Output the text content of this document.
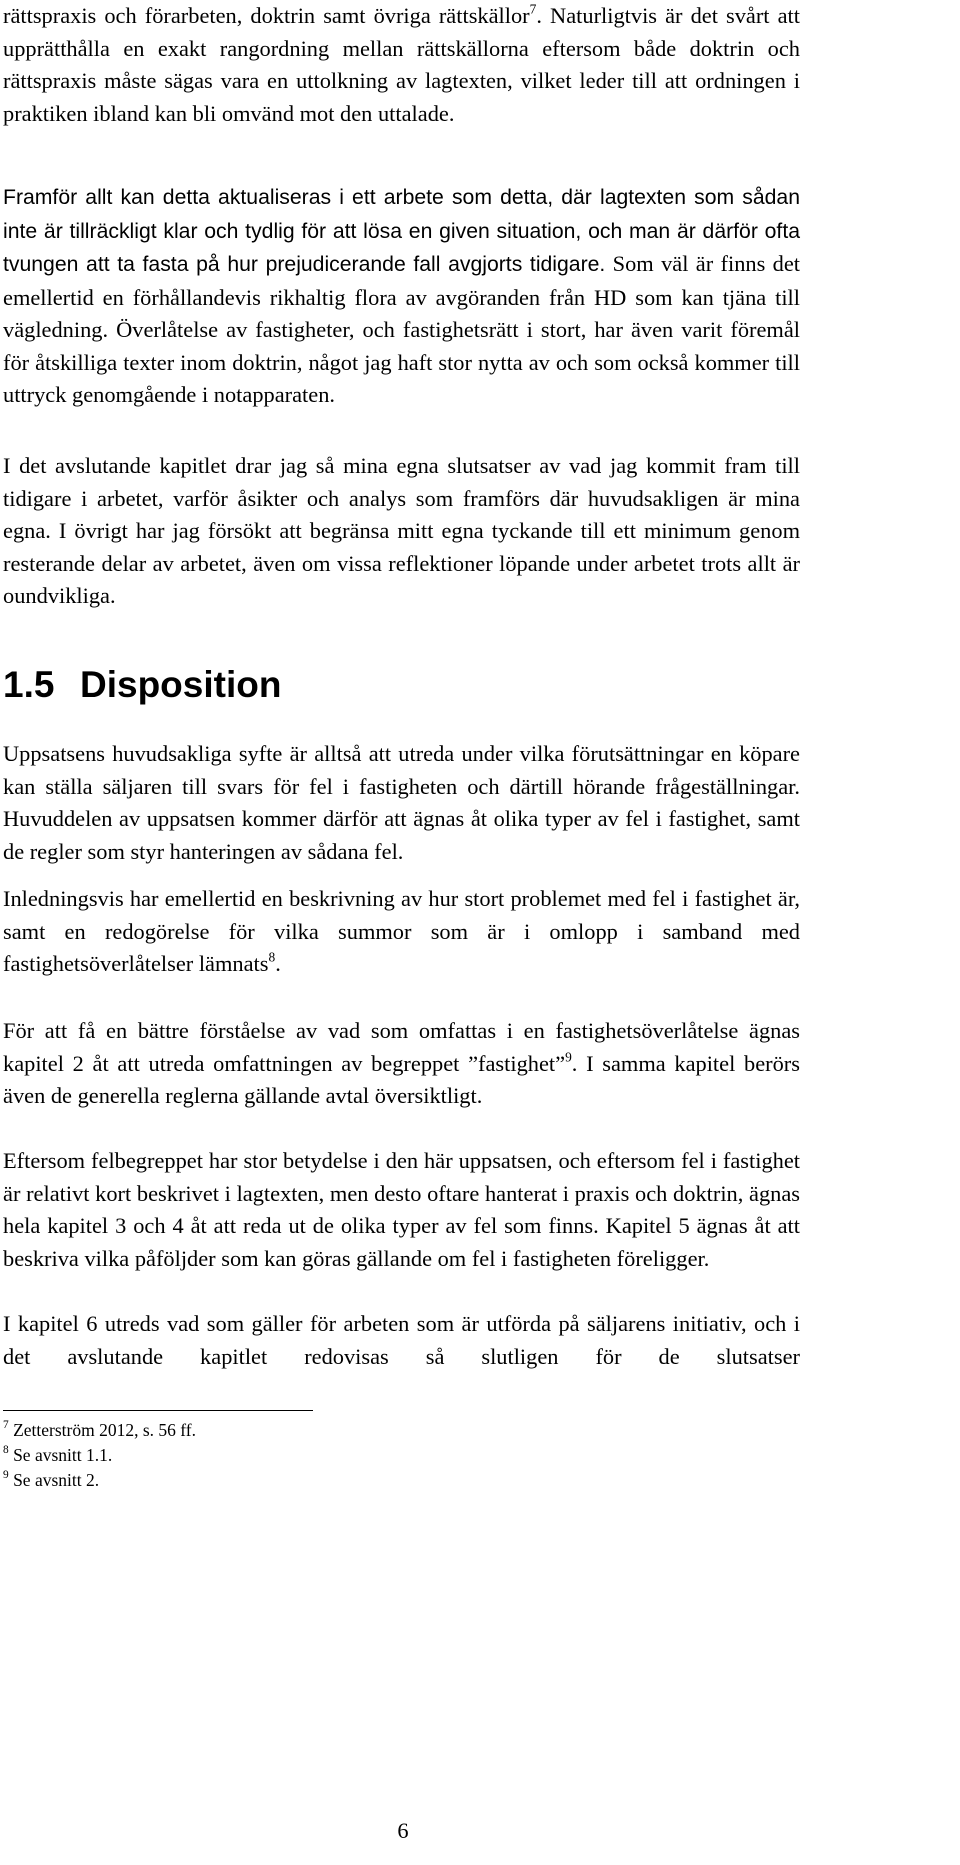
rättspraxis och förarbeten, doktrin samt övriga rättskällor$^7$. Naturligtvis är det svårt att upprätthålla en exakt rangordning mellan rättskällorna eftersom både doktrin och rättspraxis måste sägas vara en uttolkning av lagtexten, vilket leder till att ordningen i praktiken ibland kan bli omvänd mot den uttalade.

Framför allt kan detta aktualiseras i ett arbete som detta, där lagtexten som sådan inte är tillräckligt klar och tydlig för att lösa en given situation, och man är därför ofta tvungen att ta fasta på hur prejudicerande fall avgjorts tidigare. Som väl är finns det emellertid en förhållandevis rikhaltig flora av avgöranden från HD som kan tjäna till vägledning. Överlåtelse av fastigheter, och fastighetsrätt i stort, har även varit föremål för åtskilliga texter inom doktrin, något jag haft stor nytta av och som också kommer till uttryck genomgående i notapparaten.

I det avslutande kapitlet drar jag så mina egna slutsatser av vad jag kommit fram till tidigare i arbetet, varför åsikter och analys som framförs där huvudsakligen är mina egna. I övrigt har jag försökt att begränsa mitt egna tyckande till ett minimum genom resterande delar av arbetet, även om vissa reflektioner löpande under arbetet trots allt är oundvikliga.

1.5 Disposition

Uppsatsens huvudsakliga syfte är alltså att utreda under vilka förutsättningar en köpare kan ställa säljaren till svars för fel i fastigheten och därtill hörande frågeställningar. Huvuddelen av uppsatsen kommer därför att ägnas åt olika typer av fel i fastighet, samt de regler som styr hanteringen av sådana fel.

Inledningsvis har emellertid en beskrivning av hur stort problemet med fel i fastighet är, samt en redogörelse för vilka summor som är i omlopp i samband med fastighetsöverlåtelser lämnats$^8$.

För att få en bättre förståelse av vad som omfattas i en fastighetsöverlåtelse ägnas kapitel 2 åt att utreda omfattningen av begreppet ”fastighet”$^9$. I samma kapitel berörs även de generella reglerna gällande avtal översiktligt.

Eftersom felbegreppet har stor betydelse i den här uppsatsen, och eftersom fel i fastighet är relativt kort beskrivet i lagtexten, men desto oftare hanterat i praxis och doktrin, ägnas hela kapitel 3 och 4 åt att reda ut de olika typer av fel som finns. Kapitel 5 ägnas åt att beskriva vilka påföljder som kan göras gällande om fel i fastigheten föreligger.

I kapitel 6 utreds vad som gäller för arbeten som är utförda på säljarens initiativ, och i det avslutande kapitlet redovisas så slutligen för de slutsatser

$^7$ Zetterström 2012, s. 56 ff.
$^8$ Se avsnitt 1.1.
$^9$ Se avsnitt 2.
6
